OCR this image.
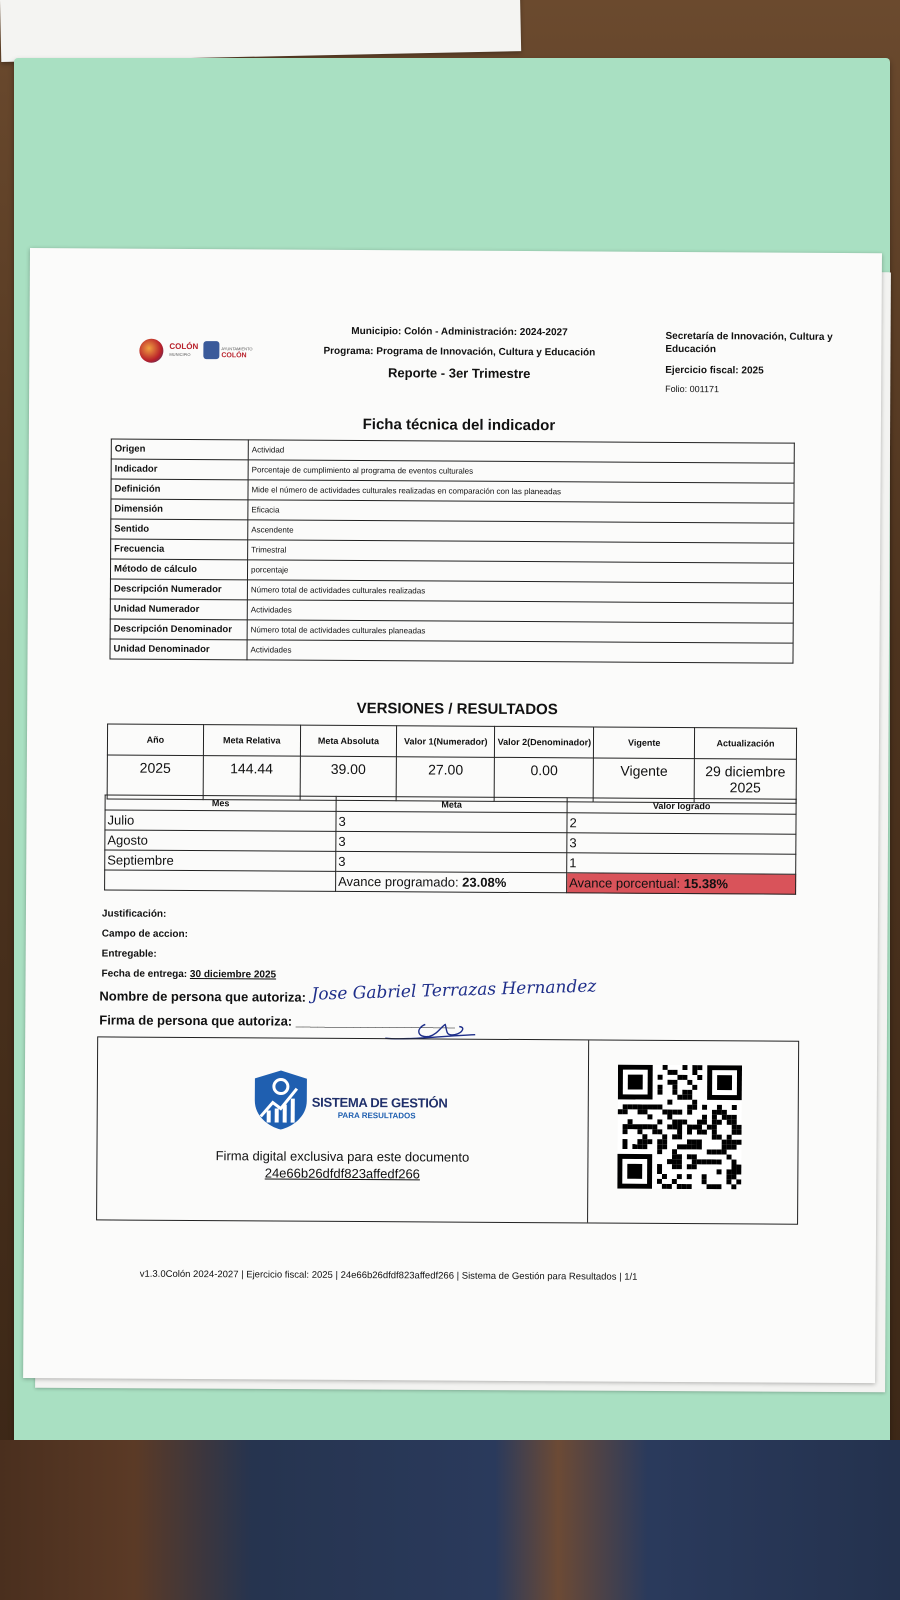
COLÓN
MUNICIPIO
AYUNTAMIENTO
COLÓN
Municipio: Colón - Administración: 2024-2027
Programa: Programa de Innovación, Cultura y Educación
Reporte - 3er Trimestre
Secretaría de Innovación, Cultura y Educación
Ejercicio fiscal: 2025
Folio: 001171
Ficha técnica del indicador
Origen	Actividad
Indicador	Porcentaje de cumplimiento al programa de eventos culturales
Definición	Mide el número de actividades culturales realizadas en comparación con las planeadas
Dimensión	Eficacia
Sentido	Ascendente
Frecuencia	Trimestral
Método de cálculo	porcentaje
Descripción Numerador	Número total de actividades culturales realizadas
Unidad Numerador	Actividades
Descripción Denominador	Número total de actividades culturales planeadas
Unidad Denominador	Actividades
VERSIONES / RESULTADOS
Año	Meta Relativa	Meta Absoluta	Valor 1(Numerador)	Valor 2(Denominador)	Vigente	Actualización
2025	144.44	39.00	27.00	0.00	Vigente	29 diciembre 2025
Mes	Meta	Valor logrado
Julio	3	2
Agosto	3	3
Septiembre	3	1
	Avance programado: 23.08%	Avance porcentual: 15.38%
Justificación:
Campo de accion:
Entregable:
Fecha de entrega: 30 diciembre 2025
Nombre de persona que autoriza:
Firma de persona que autoriza: ______________________
Jose Gabriel Terrazas Hernandez
SISTEMA DE GESTIÓN
PARA RESULTADOS
Firma digital exclusiva para este documento
24e66b26dfdf823affedf266
v1.3.0Colón 2024-2027 | Ejercicio fiscal: 2025 | 24e66b26dfdf823affedf266 | Sistema de Gestión para Resultados | 1/1
